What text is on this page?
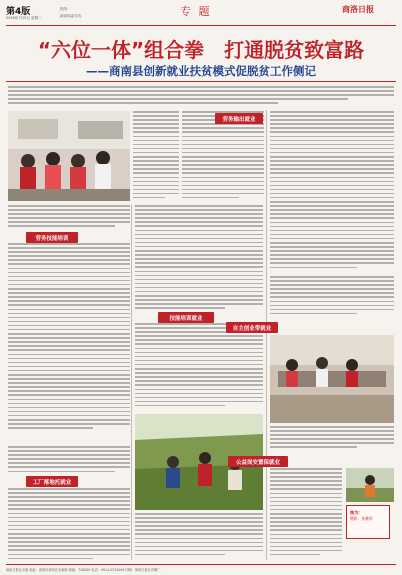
第4版
2016年7月5日 星期二
热线：
新闻线索专线：	专 题	商洛日报
“六位一体”组合拳　打通脱贫致富路
——商南县创新就业扶贫模式促脱贫工作侧记
劳务技能培训
工厂落地托就业
技能培训就业
劳务输出就业
自主创业带就业
公益岗安置保就业
图为：
摄影：孙鹏举
商洛日报社出版 地址：商洛市商州区北新街 邮编：726000 电话：0914-2313006 印刷：商洛日报社印刷厂
